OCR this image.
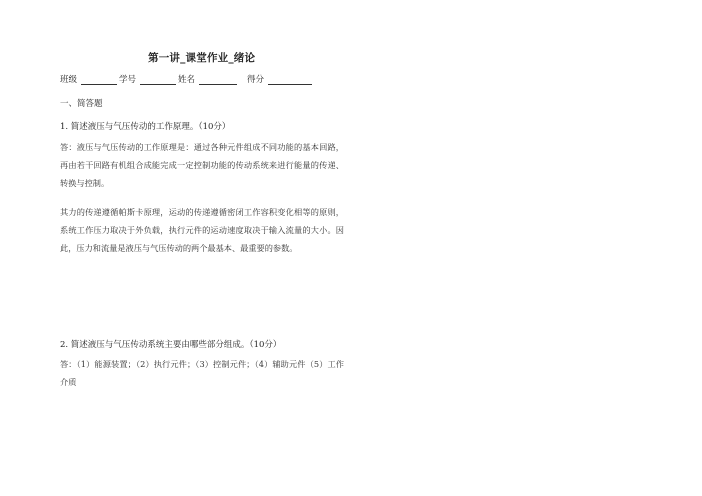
第一讲_课堂作业_绪论
班级	学号	姓名	得分
一、简答题
1. 简述液压与气压传动的工作原理。（10分）
答：液压与气压传动的工作原理是：通过各种元件组成不同功能的基本回路，再由若干回路有机组合成能完成一定控制功能的传动系统来进行能量的传递、转换与控制。
其力的传递遵循帕斯卡原理，运动的传递遵循密闭工作容积变化相等的原则，系统工作压力取决于外负载，执行元件的运动速度取决于输入流量的大小。因此，压力和流量是液压与气压传动的两个最基本、最重要的参数。
2. 简述液压与气压传动系统主要由哪些部分组成。（10分）
答：（1）能源装置；（2）执行元件；（3）控制元件；（4）辅助元件（5）工作介质
